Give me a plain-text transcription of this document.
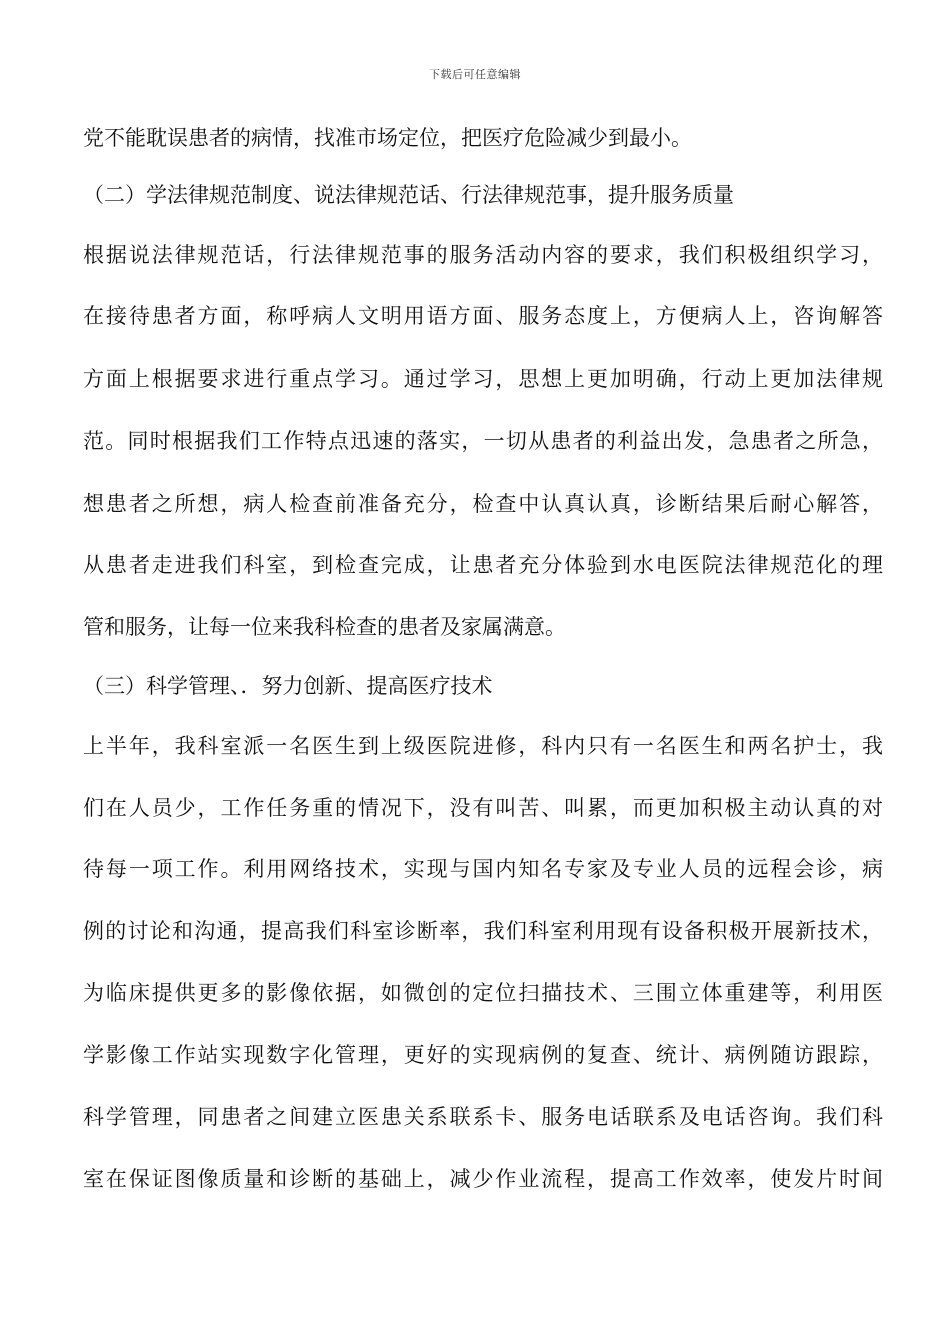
下载后可任意编辑
党不能耽误患者的病情，找准市场定位，把医疗危险减少到最小。
（二）学法律规范制度、说法律规范话、行法律规范事，提升服务质量
根据说法律规范话，行法律规范事的服务活动内容的要求，我们积极组织学习，
在接待患者方面，称呼病人文明用语方面、服务态度上，方便病人上，咨询解答
方面上根据要求进行重点学习。通过学习，思想上更加明确，行动上更加法律规
范。同时根据我们工作特点迅速的落实，一切从患者的利益出发，急患者之所急，
想患者之所想，病人检查前准备充分，检查中认真认真，诊断结果后耐心解答，
从患者走进我们科室，到检查完成，让患者充分体验到水电医院法律规范化的理
管和服务，让每一位来我科检查的患者及家属满意。
（三）科学管理、．努力创新、提高医疗技术
上半年，我科室派一名医生到上级医院进修，科内只有一名医生和两名护士，我
们在人员少，工作任务重的情况下，没有叫苦、叫累，而更加积极主动认真的对
待每一项工作。利用网络技术，实现与国内知名专家及专业人员的远程会诊，病
例的讨论和沟通，提高我们科室诊断率，我们科室利用现有设备积极开展新技术，
为临床提供更多的影像依据，如微创的定位扫描技术、三围立体重建等，利用医
学影像工作站实现数字化管理，更好的实现病例的复查、统计、病例随访跟踪，
科学管理，同患者之间建立医患关系联系卡、服务电话联系及电话咨询。我们科
室在保证图像质量和诊断的基础上，减少作业流程，提高工作效率，使发片时间
